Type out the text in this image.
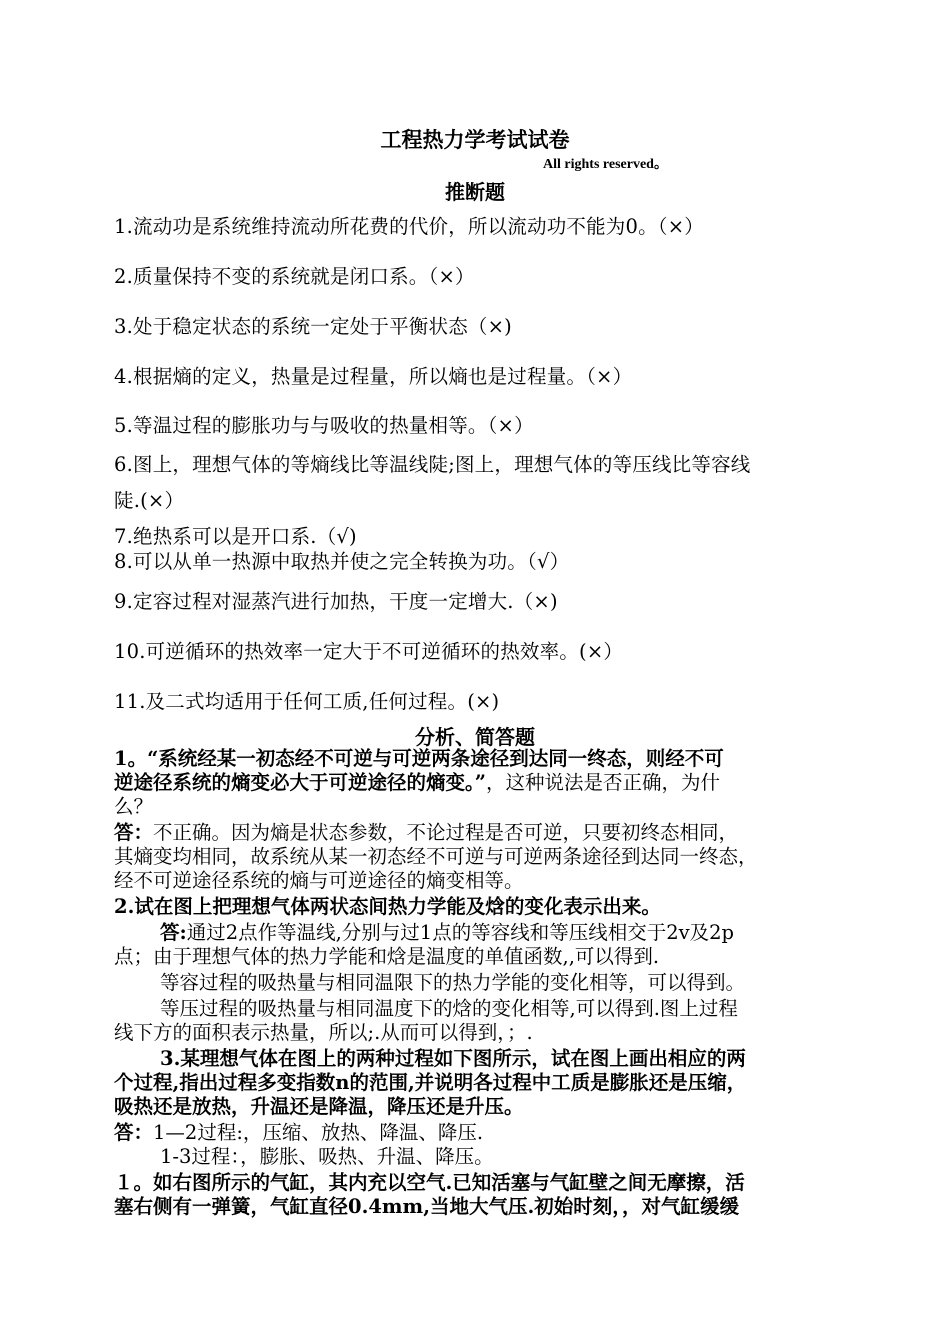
工程热力学考试试卷
All rights reserved。
推断题
1.流动功是系统维持流动所花费的代价，所以流动功不能为0。（×）
2.质量保持不变的系统就是闭口系。（×）
3.处于稳定状态的系统一定处于平衡状态（×)
4.根据熵的定义，热量是过程量，所以熵也是过程量。（×）
5.等温过程的膨胀功与与吸收的热量相等。（×）
6.图上，理想气体的等熵线比等温线陡;图上，理想气体的等压线比等容线
陡.(×）
7.绝热系可以是开口系.（√)
8.可以从单一热源中取热并使之完全转换为功。（√）
9.定容过程对湿蒸汽进行加热，干度一定增大.（×)
10.可逆循环的热效率一定大于不可逆循环的热效率。(×）
11.及二式均适用于任何工质,任何过程。(×)
分析、简答题
1。“系统经某一初态经不可逆与可逆两条途径到达同一终态，则经不可
逆途径系统的熵变必大于可逆途径的熵变。”，这种说法是否正确，为什
么？
答：不正确。因为熵是状态参数，不论过程是否可逆，只要初终态相同，
其熵变均相同，故系统从某一初态经不可逆与可逆两条途径到达同一终态，
经不可逆途径系统的熵与可逆途径的熵变相等。
2.试在图上把理想气体两状态间热力学能及焓的变化表示出来。
答:通过2点作等温线,分别与过1点的等容线和等压线相交于2v及2p
点；由于理想气体的热力学能和焓是温度的单值函数,,可以得到.
等容过程的吸热量与相同温限下的热力学能的变化相等，可以得到。
等压过程的吸热量与相同温度下的焓的变化相等,可以得到.图上过程
线下方的面积表示热量，所以;.从而可以得到，；.
3.某理想气体在图上的两种过程如下图所示，试在图上画出相应的两
个过程,指出过程多变指数n的范围,并说明各过程中工质是膨胀还是压缩，
吸热还是放热，升温还是降温，降压还是升压。
答：1—2过程:，压缩、放热、降温、降压.
1-3过程：，膨胀、吸热、升温、降压。
１。如右图所示的气缸，其内充以空气.已知活塞与气缸壁之间无摩擦，活
塞右侧有一弹簧，气缸直径0.4mm,当地大气压.初始时刻，，对气缸缓缓
